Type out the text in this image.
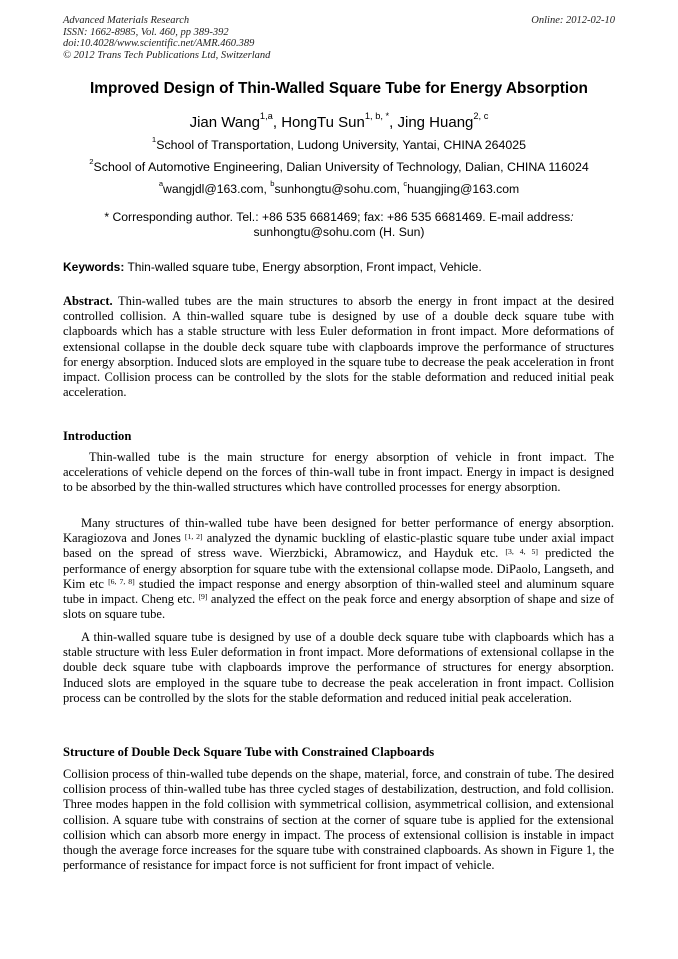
Advanced Materials Research
ISSN: 1662-8985, Vol. 460, pp 389-392
doi:10.4028/www.scientific.net/AMR.460.389
© 2012 Trans Tech Publications Ltd, Switzerland
Online: 2012-02-10
Improved Design of Thin-Walled Square Tube for Energy Absorption
Jian Wang$^{1,a}$, HongTu Sun$^{1, b, *}$, Jing Huang$^{2, c}$
$^1$School of Transportation, Ludong University, Yantai, CHINA 264025
$^2$School of Automotive Engineering, Dalian University of Technology, Dalian, CHINA 116024
$^a$wangjdl@163.com, $^b$sunhongtu@sohu.com, $^c$huangjing@163.com
* Corresponding author. Tel.: +86 535 6681469; fax: +86 535 6681469. E-mail address:
sunhongtu@sohu.com (H. Sun)
Keywords: Thin-walled square tube, Energy absorption, Front impact, Vehicle.
Abstract. Thin-walled tubes are the main structures to absorb the energy in front impact at the desired controlled collision. A thin-walled square tube is designed by use of a double deck square tube with clapboards which has a stable structure with less Euler deformation in front impact. More deformations of extensional collapse in the double deck square tube with clapboards improve the performance of structures for energy absorption. Induced slots are employed in the square tube to decrease the peak acceleration in front impact. Collision process can be controlled by the slots for the stable deformation and reduced initial peak acceleration.
Introduction
Thin-walled tube is the main structure for energy absorption of vehicle in front impact. The accelerations of vehicle depend on the forces of thin-wall tube in front impact. Energy in impact is designed to be absorbed by the thin-walled structures which have controlled processes for energy absorption.
Many structures of thin-walled tube have been designed for better performance of energy absorption. Karagiozova and Jones [1, 2] analyzed the dynamic buckling of elastic-plastic square tube under axial impact based on the spread of stress wave. Wierzbicki, Abramowicz, and Hayduk etc. [3, 4, 5] predicted the performance of energy absorption for square tube with the extensional collapse mode. DiPaolo, Langseth, and Kim etc [6, 7, 8] studied the impact response and energy absorption of thin-walled steel and aluminum square tube in impact. Cheng etc. [9] analyzed the effect on the peak force and energy absorption of shape and size of slots on square tube.
A thin-walled square tube is designed by use of a double deck square tube with clapboards which has a stable structure with less Euler deformation in front impact. More deformations of extensional collapse in the double deck square tube with clapboards improve the performance of structures for energy absorption. Induced slots are employed in the square tube to decrease the peak acceleration in front impact. Collision process can be controlled by the slots for the stable deformation and reduced initial peak acceleration.
Structure of Double Deck Square Tube with Constrained Clapboards
Collision process of thin-walled tube depends on the shape, material, force, and constrain of tube. The desired collision process of thin-walled tube has three cycled stages of destabilization, destruction, and fold collision. Three modes happen in the fold collision with symmetrical collision, asymmetrical collision, and extensional collision. A square tube with constrains of section at the corner of square tube is applied for the extensional collision which can absorb more energy in impact. The process of extensional collision is instable in impact though the average force increases for the square tube with constrained clapboards. As shown in Figure 1, the performance of resistance for impact force is not sufficient for front impact of vehicle.
